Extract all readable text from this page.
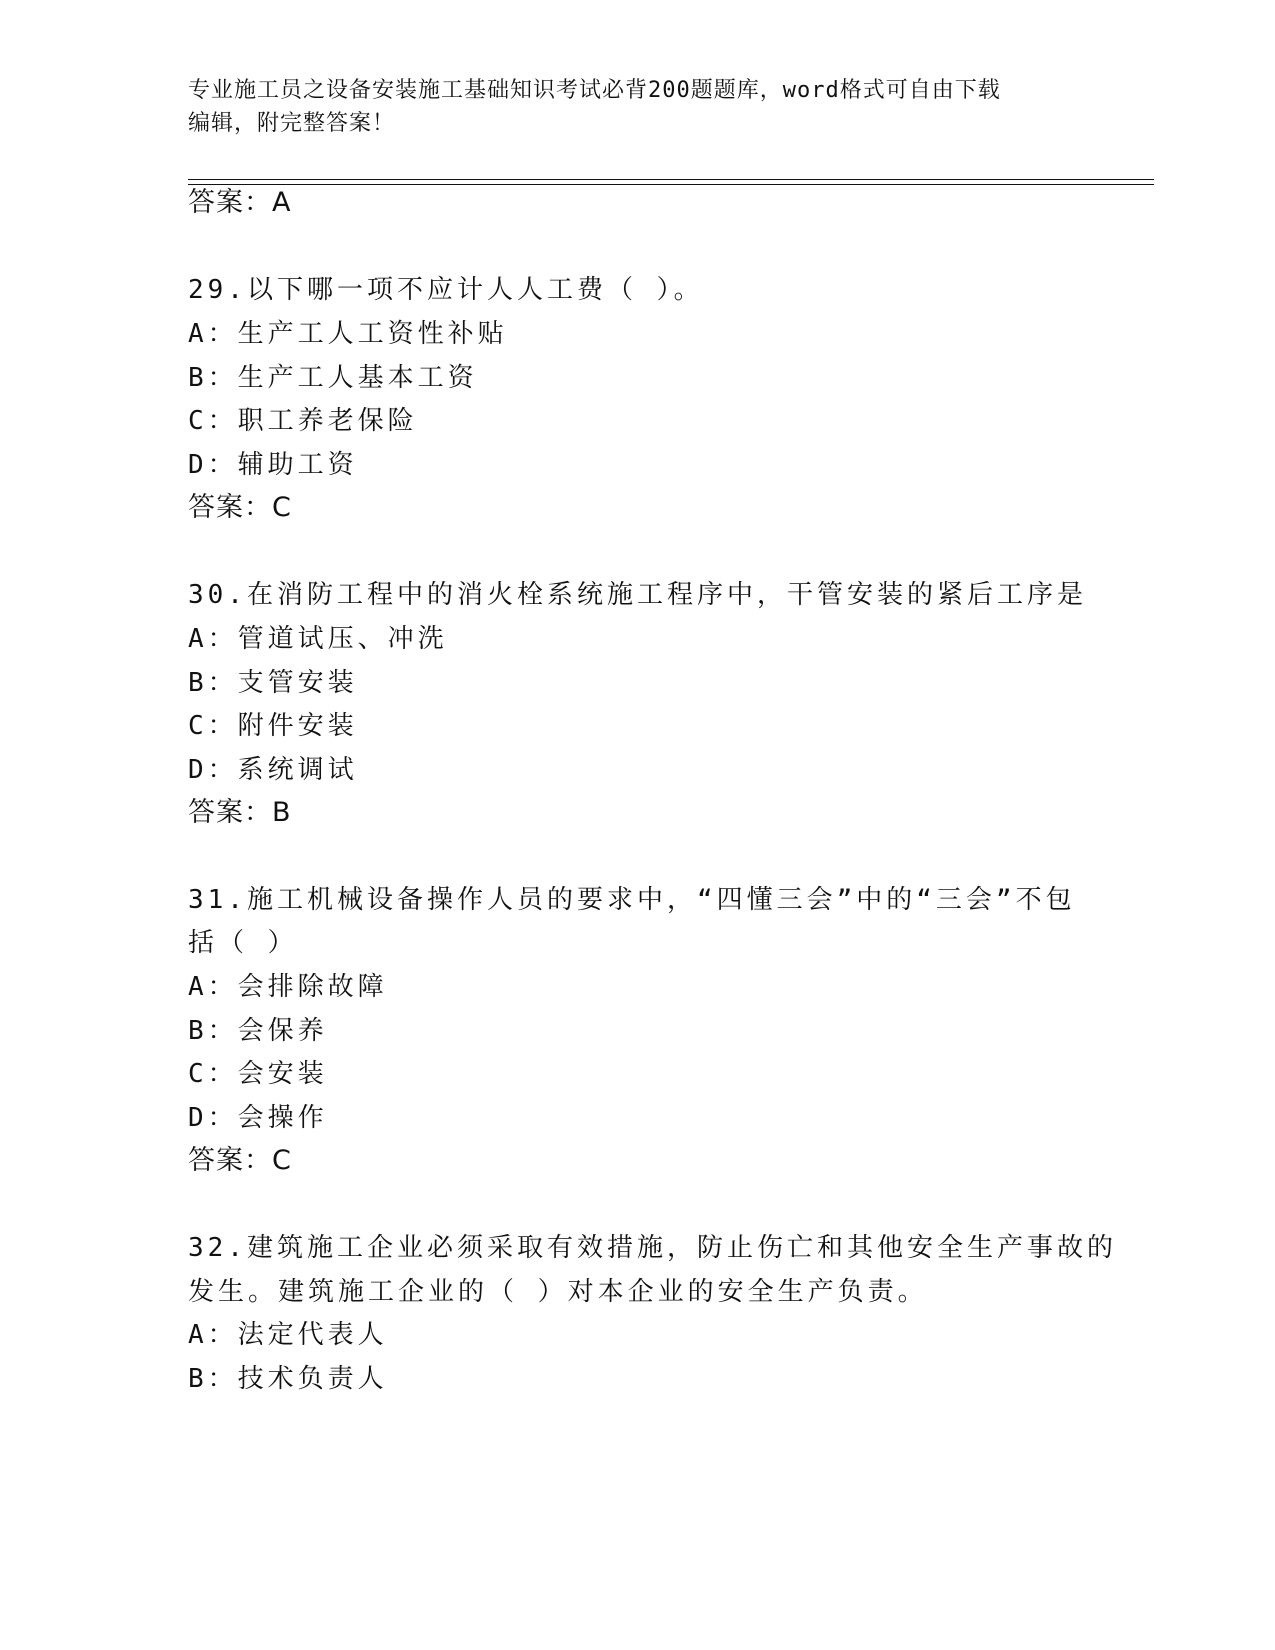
专业施工员之设备安装施工基础知识考试必背200题题库，word格式可自由下载
编辑，附完整答案！
答案：A
29.以下哪一项不应计人人工费（ ）。
A：生产工人工资性补贴
B：生产工人基本工资
C：职工养老保险
D：辅助工资
答案：C
30.在消防工程中的消火栓系统施工程序中，干管安装的紧后工序是
A：管道试压、冲洗
B：支管安装
C：附件安装
D：系统调试
答案：B
31.施工机械设备操作人员的要求中，“四懂三会”中的“三会”不包
括（ ）
A：会排除故障
B：会保养
C：会安装
D：会操作
答案：C
32.建筑施工企业必须采取有效措施，防止伤亡和其他安全生产事故的
发生。建筑施工企业的（ ）对本企业的安全生产负责。
A：法定代表人
B：技术负责人
